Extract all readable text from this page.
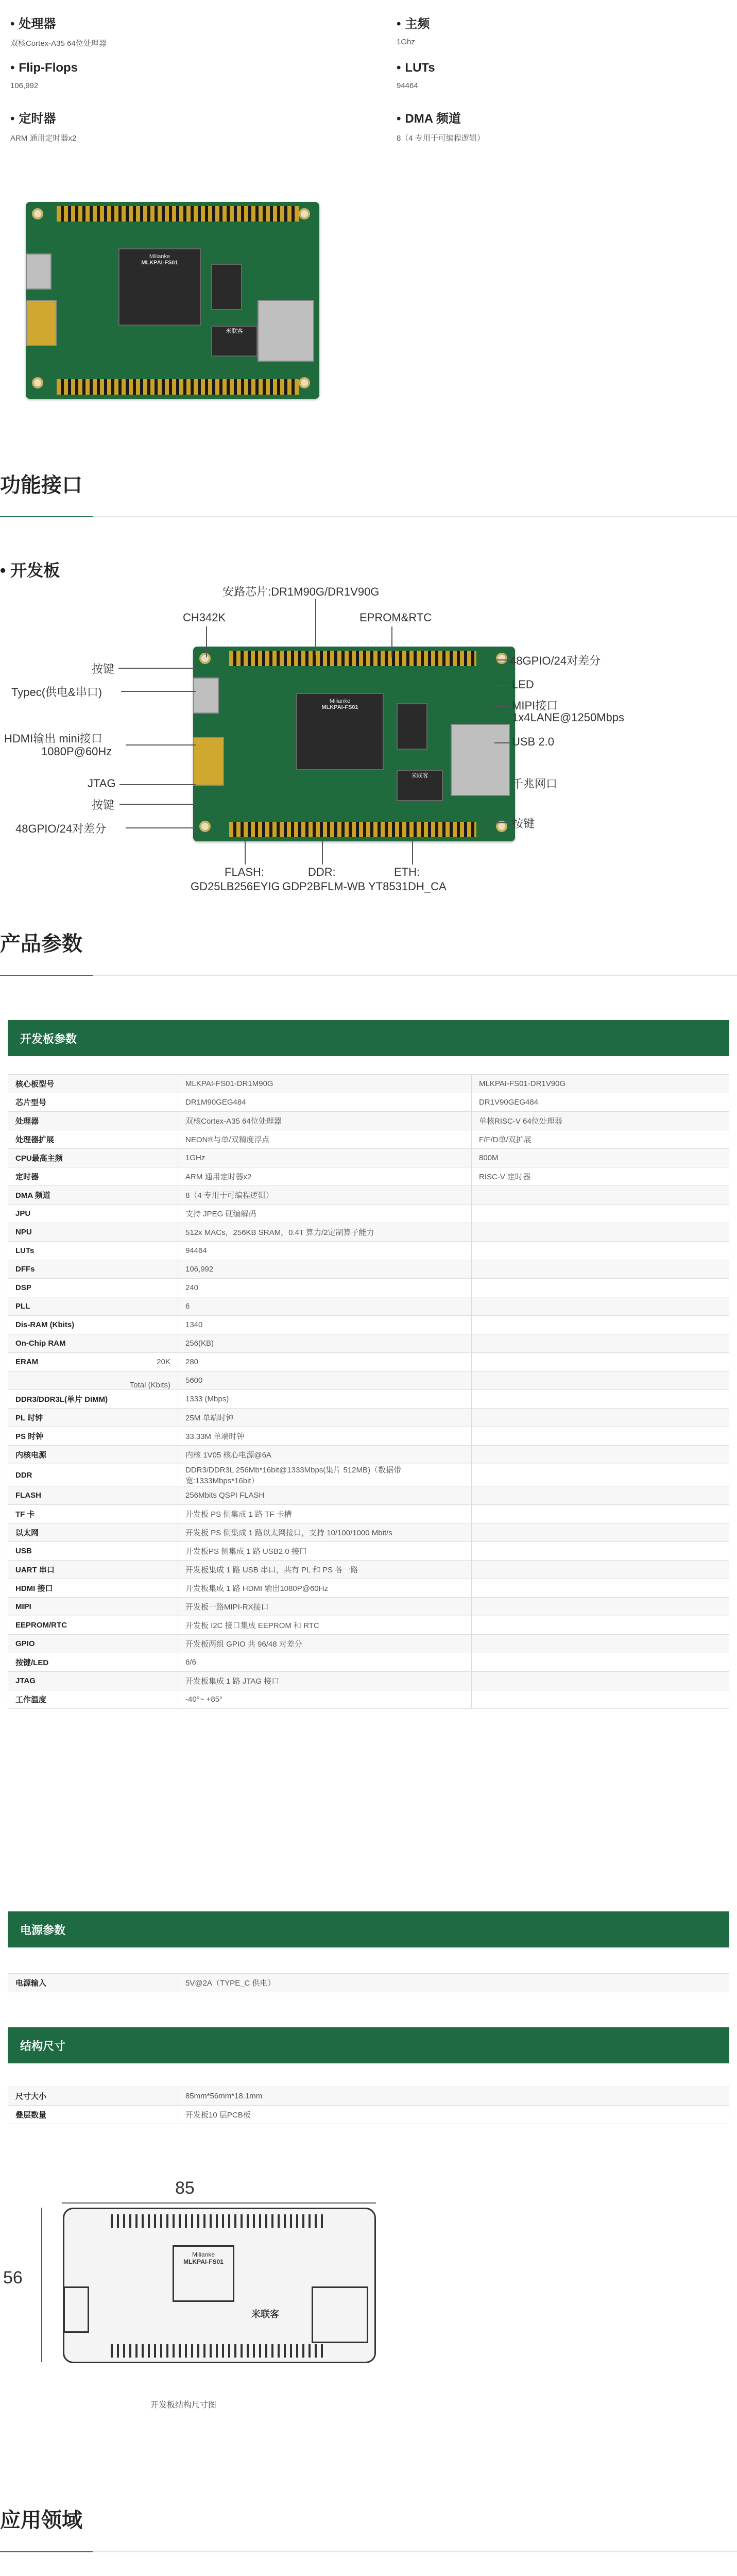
• 处理器
双核Cortex-A35 64位处理器
• 主频
1Ghz
• Flip-Flops
106,992
• LUTs
94464
• 定时器
ARM 通用定时器x2
• DMA 频道
8（4 专用于可编程逻辑）
Milianke
MLKPAI-FS01
米联客
功能接口
• 开发板
Milianke
MLKPAI-FS01
米联客
安路芯片:DR1M90G/DR1V90G
CH342K	EPROM&RTC
按键
Typec(供电&串口)
HDMI输出 mini接口
1080P@60Hz
JTAG
按键
48GPIO/24对差分
FLASH:
GD25LB256EYIG
DDR:
GDP2BFLM-WB
ETH:
YT8531DH_CA
48GPIO/24对差分
LED
MIPI接口
1x4LANE@1250Mbps
USB 2.0
千兆网口
按键
产品参数
开发板参数
核心板型号	MLKPAI-FS01-DR1M90G	MLKPAI-FS01-DR1V90G
芯片型号	DR1M90GEG484	DR1V90GEG484
处理器	双核Cortex-A35 64位处理器	单核RISC-V 64位处理器
处理器扩展	NEON®与单/双精度浮点	F/F/D单/双扩展
CPU最高主频	1GHz	800M
定时器	ARM 通用定时器x2	RISC-V 定时器
DMA 频道	8（4 专用于可编程逻辑）	
JPU	支持 JPEG 硬编解码	
NPU	512x MACs，256KB SRAM，0.4T 算力/2定制算子能力	
LUTs	94464	
DFFs	106,992	
DSP	240	
PLL	6	
Dis-RAM (Kbits)	1340	
On-Chip RAM	256(KB)	
ERAM 20K	280	

Total (Kbits)	5600	
DDR3/DDR3L(单片 DIMM)	1333 (Mbps)	
PL 时钟	25M 单端时钟	
PS 时钟	33.33M 单端时钟	
内核电源	内核 1V05 核心电源@6A	
DDR	DDR3/DDR3L 256Mb*16bit@1333Mbps(集片 512MB)（数据带宽:1333Mbps*16bit）	
FLASH	256Mbits QSPI FLASH	
TF 卡	开发板 PS 侧集成 1 路 TF 卡槽	
以太网	开发板 PS 侧集成 1 路以太网接口，支持 10/100/1000 Mbit/s	
USB	开发板PS 侧集成 1 路 USB2.0 接口	
UART 串口	开发板集成 1 路 USB 串口，共有 PL 和 PS 各一路	
HDMI 接口	开发板集成 1 路 HDMI 输出1080P@60Hz	
MIPI	开发板一路MIPI-RX接口	
EEPROM/RTC	开发板 I2C 接口集成 EEPROM 和 RTC	
GPIO	开发板两组 GPIO 共 96/48 对差分	
按键/LED	6/6	
JTAG	开发板集成 1 路 JTAG 接口	
工作温度	-40°~ +85°	
电源参数
电源输入	5V@2A（TYPE_C 供电）
结构尺寸
尺寸大小	85mm*56mm*18.1mm
叠层数量	开发板10 层PCB板
85
56
Milianke
MLKPAI-FS01
米联客
开发板结构尺寸图
应用领域
